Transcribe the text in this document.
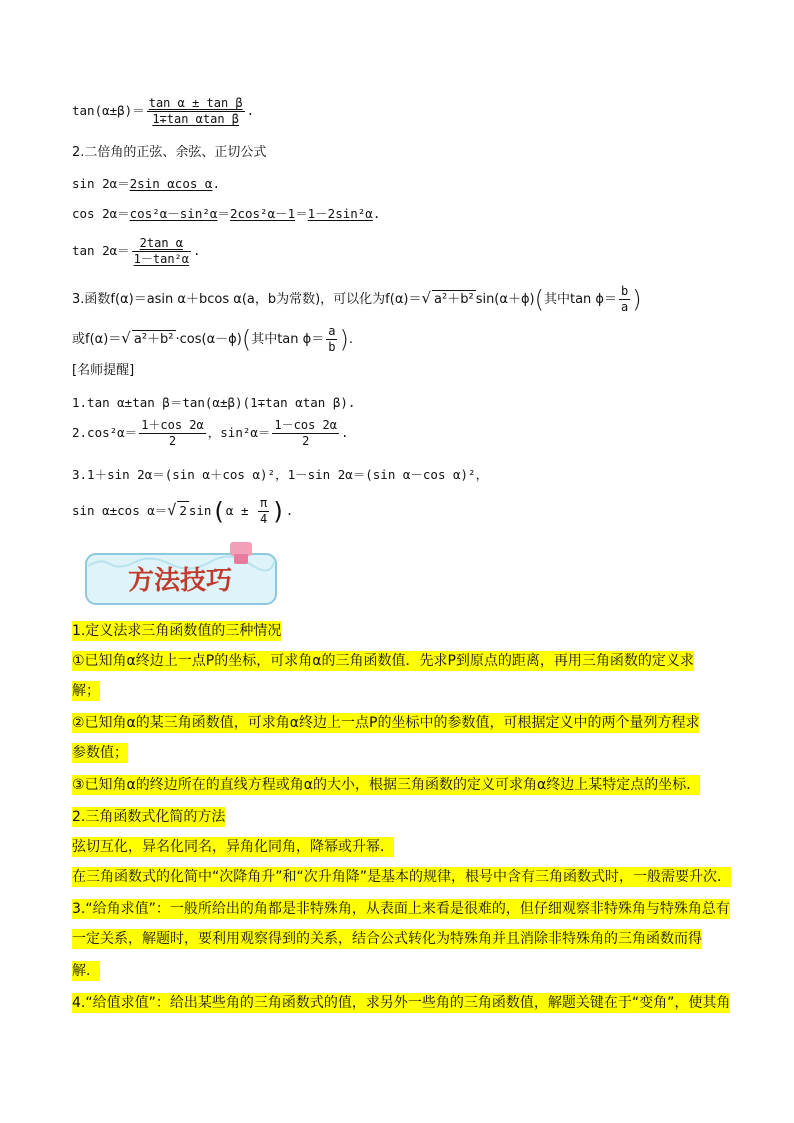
$\tan(\alpha\pm\beta)= \frac{\text{tan α ± tan β}}{\text{1∓tan αtan β}}$ .
2.二倍角的正弦、余弦、正切公式
sin 2α＝2sin αcos α.
cos 2α＝cos²α－sin²α＝2cos²α－1＝1－2sin²α.
$\tan 2\alpha= \frac{\text{2tan α}}{\text{1－tan²α}}$ .
3.函数f(α)＝asin α＋bcos α(a，b为常数)，可以化为f(α)＝√ a²＋b² sin(α＋ϕ)(其中$\tan \phi= \frac{b}{a}$ )
或f(α)＝√ a²＋b² ·cos(α－ϕ)(其中$\tan \phi= \frac{a}{b}$ ).
[名师提醒]
1.tan α±tan β＝tan(α±β)(1∓tan αtan β).
$2.\cos^2\alpha= \frac{1+\cos 2\alpha}{2}$ ，$\sin^2\alpha= \frac{1-\cos 2\alpha}{2}$ .
3.1＋sin 2α＝(sin α＋cos α)²，1－sin 2α＝(sin α－cos α)²，
sin α±cos α＝√ 2 $\sin(\alpha \pm \frac{\pi}{4}$ ).
方法技巧
1.定义法求三角函数值的三种情况
①已知角α终边上一点P的坐标，可求角α的三角函数值．先求P到原点的距离，再用三角函数的定义求
解；
②已知角α的某三角函数值，可求角α终边上一点P的坐标中的参数值，可根据定义中的两个量列方程求
参数值；
③已知角α的终边所在的直线方程或角α的大小，根据三角函数的定义可求角α终边上某特定点的坐标．
2.三角函数式化简的方法
弦切互化，异名化同名，异角化同角，降幂或升幂．
在三角函数式的化简中“次降角升”和“次升角降”是基本的规律，根号中含有三角函数式时，一般需要升次．
3.“给角求值”：一般所给出的角都是非特殊角，从表面上来看是很难的，但仔细观察非特殊角与特殊角总有
一定关系，解题时，要利用观察得到的关系，结合公式转化为特殊角并且消除非特殊角的三角函数而得
解．
4.“给值求值”：给出某些角的三角函数式的值，求另外一些角的三角函数值，解题关键在于“变角”，使其角
